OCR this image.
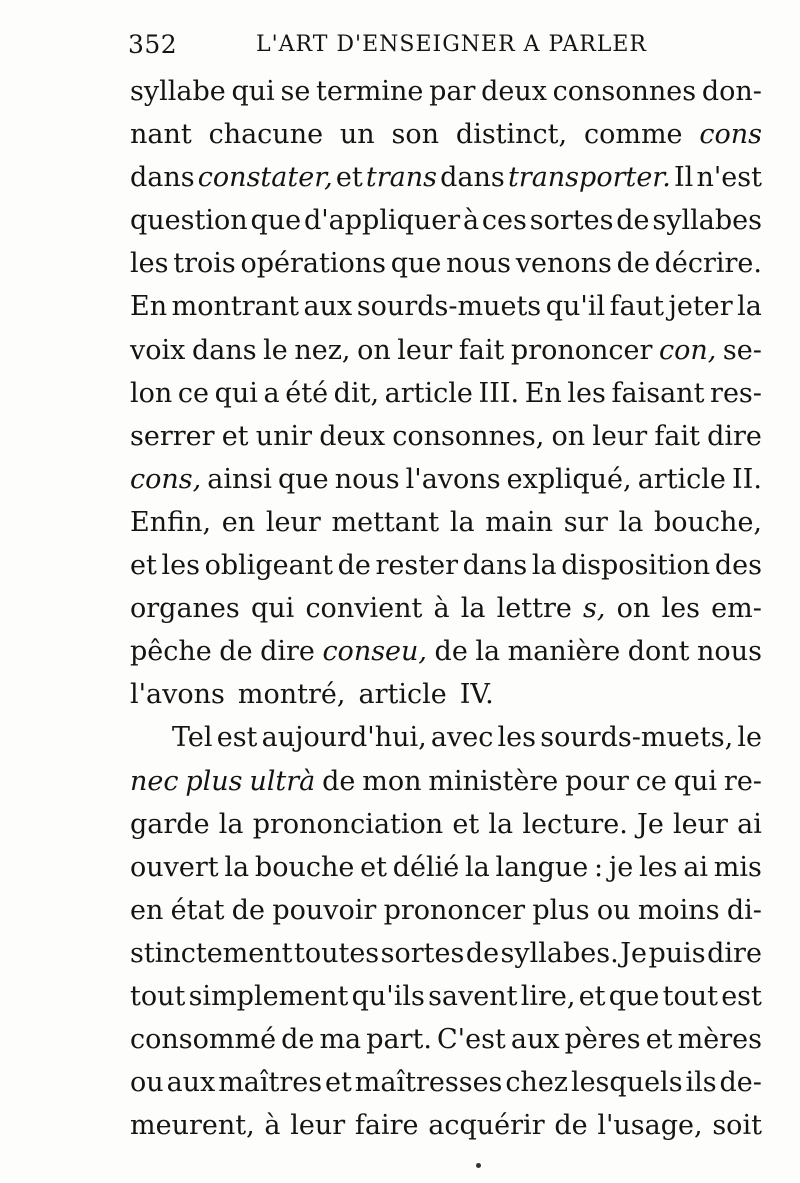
352	L'ART D'ENSEIGNER A PARLER
syllabe qui se termine par deux consonnes don-
nant chacune un son distinct, comme cons
dans constater, et trans dans transporter. Il n'est
question que d'appliquer à ces sortes de syllabes
les trois opérations que nous venons de décrire.
En montrant aux sourds-muets qu'il faut jeter la
voix dans le nez, on leur fait prononcer con, se-
lon ce qui a été dit, article III. En les faisant res-
serrer et unir deux consonnes, on leur fait dire
cons, ainsi que nous l'avons expliqué, article II.
Enfin, en leur mettant la main sur la bouche,
et les obligeant de rester dans la disposition des
organes qui convient à la lettre s, on les em-
pêche de dire conseu, de la manière dont nous
l'avons montré, article IV.
Tel est aujourd'hui, avec les sourds-muets, le
nec plus ultrà de mon ministère pour ce qui re-
garde la prononciation et la lecture. Je leur ai
ouvert la bouche et délié la langue : je les ai mis
en état de pouvoir prononcer plus ou moins di-
stinctement toutes sortes de syllabes. Je puis dire
tout simplement qu'ils savent lire, et que tout est
consommé de ma part. C'est aux pères et mères
ou aux maîtres et maîtresses chez lesquels ils de-
meurent, à leur faire acquérir de l'usage, soit
